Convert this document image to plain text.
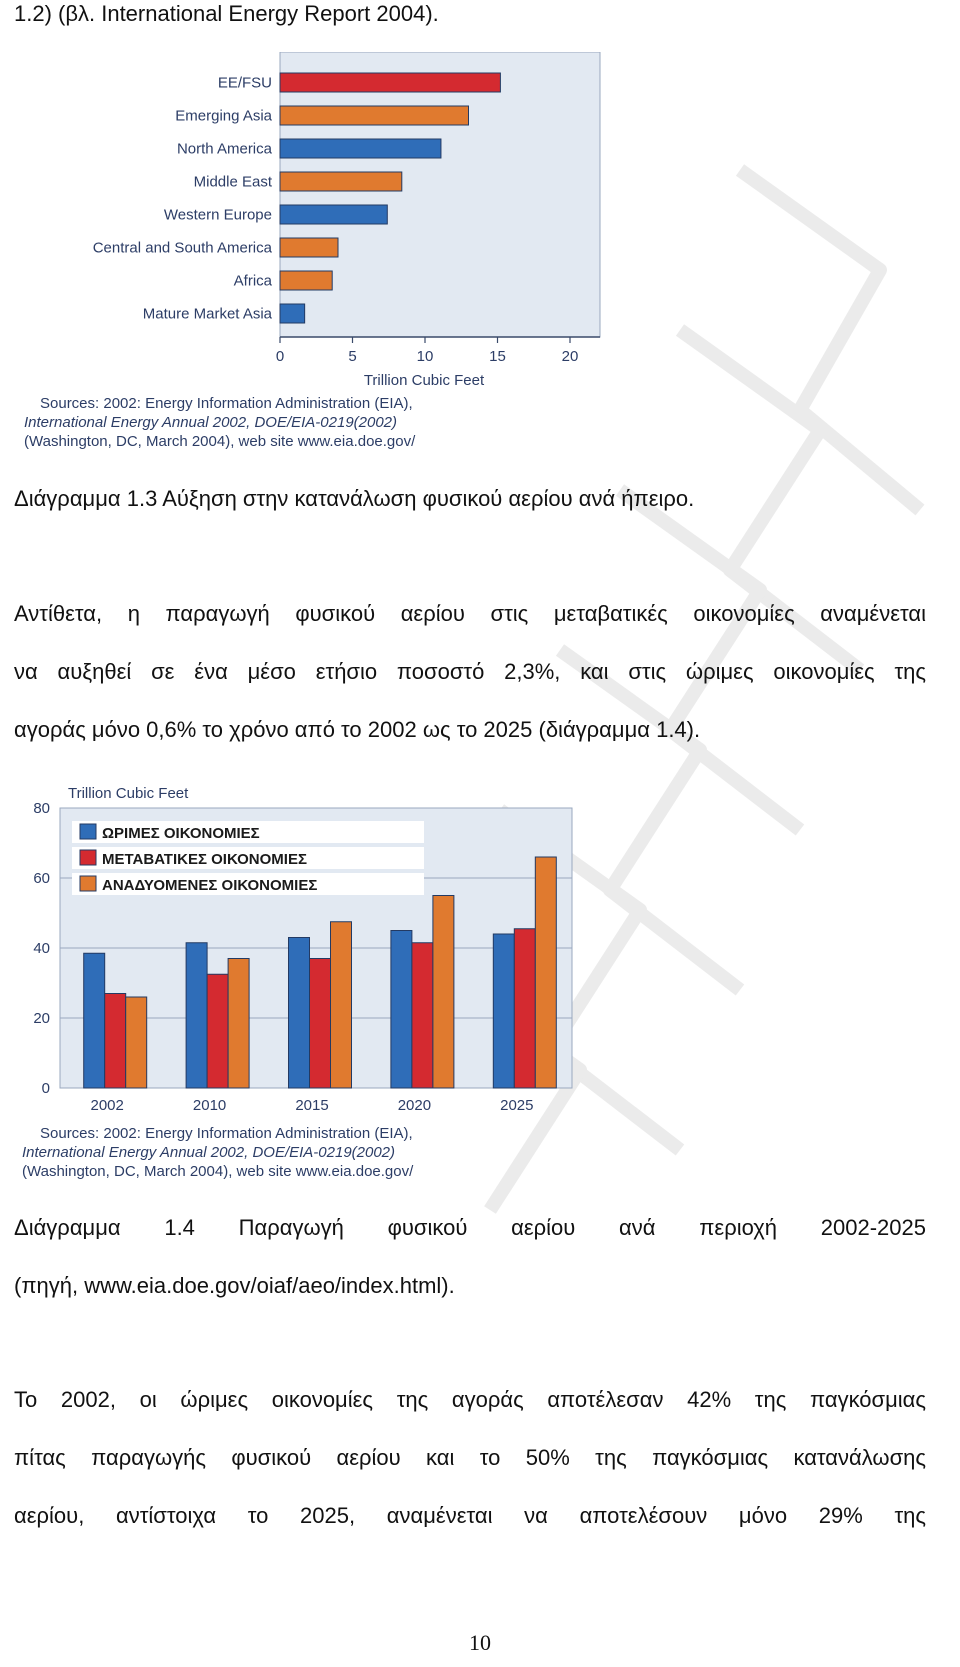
1.2) (βλ. International Energy Report 2004).
EE/FSU
Emerging Asia
North America
Middle East
Western Europe
Central and South America
Africa
Mature Market Asia
0	5	10	15	20
Trillion Cubic Feet
Sources: 2002: Energy Information Administration (EIA),
International Energy Annual 2002, DOE/EIA-0219(2002)
(Washington, DC, March 2004), web site www.eia.doe.gov/
Διάγραμμα 1.3 Αύξηση στην κατανάλωση φυσικού αερίου ανά ήπειρο.
Αντίθετα, η παραγωγή φυσικού αερίου στις μεταβατικές οικονομίες αναμένεται
να αυξηθεί σε ένα μέσο ετήσιο ποσοστό 2,3%, και στις ώριμες οικονομίες της
αγοράς μόνο 0,6% το χρόνο από το 2002 ως το 2025 (διάγραμμα 1.4).
Trillion Cubic Feet
0
20
40
60
80
2002	2010	2015	2020	2025
ΩΡΙΜΕΣ ΟΙΚΟΝΟΜΙΕΣ
ΜΕΤΑΒΑΤΙΚΕΣ ΟΙΚΟΝΟΜΙΕΣ
ΑΝΑΔΥΟΜΕΝΕΣ ΟΙΚΟΝΟΜΙΕΣ
Sources: 2002: Energy Information Administration (EIA),
International Energy Annual 2002, DOE/EIA-0219(2002)
(Washington, DC, March 2004), web site www.eia.doe.gov/
Διάγραμμα 1.4 Παραγωγή φυσικού αερίου ανά περιοχή 2002-2025
(πηγή, www.eia.doe.gov/oiaf/aeo/index.html).
Το 2002, οι ώριμες οικονομίες της αγοράς αποτέλεσαν 42% της παγκόσμιας
πίτας παραγωγής φυσικού αερίου και το 50% της παγκόσμιας κατανάλωσης
αερίου, αντίστοιχα το 2025, αναμένεται να αποτελέσουν μόνο 29% της
10
